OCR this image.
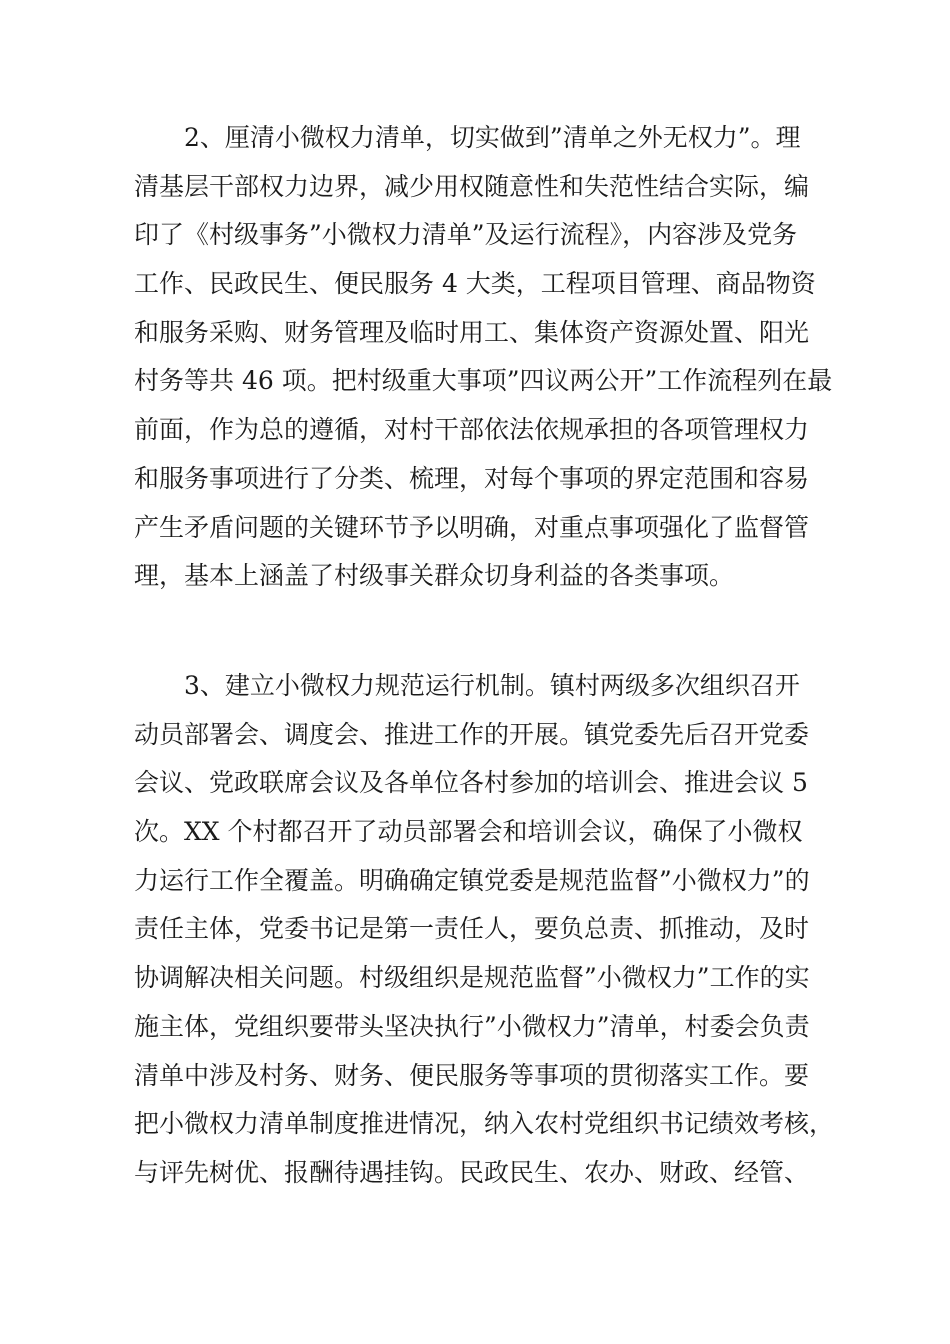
2、厘清小微权力清单，切实做到”清单之外无权力”。理
清基层干部权力边界，减少用权随意性和失范性结合实际，编
印了《村级事务”小微权力清单”及运行流程》，内容涉及党务
工作、民政民生、便民服务 4 大类，工程项目管理、商品物资
和服务采购、财务管理及临时用工、集体资产资源处置、阳光
村务等共 46 项。把村级重大事项”四议两公开”工作流程列在最
前面，作为总的遵循，对村干部依法依规承担的各项管理权力
和服务事项进行了分类、梳理，对每个事项的界定范围和容易
产生矛盾问题的关键环节予以明确，对重点事项强化了监督管
理，基本上涵盖了村级事关群众切身利益的各类事项。
3、建立小微权力规范运行机制。镇村两级多次组织召开
动员部署会、调度会、推进工作的开展。镇党委先后召开党委
会议、党政联席会议及各单位各村参加的培训会、推进会议 5
次。XX 个村都召开了动员部署会和培训会议，确保了小微权
力运行工作全覆盖。明确确定镇党委是规范监督”小微权力”的
责任主体，党委书记是第一责任人，要负总责、抓推动，及时
协调解决相关问题。村级组织是规范监督”小微权力”工作的实
施主体，党组织要带头坚决执行”小微权力”清单，村委会负责
清单中涉及村务、财务、便民服务等事项的贯彻落实工作。要
把小微权力清单制度推进情况，纳入农村党组织书记绩效考核，
与评先树优、报酬待遇挂钩。民政民生、农办、财政、经管、
